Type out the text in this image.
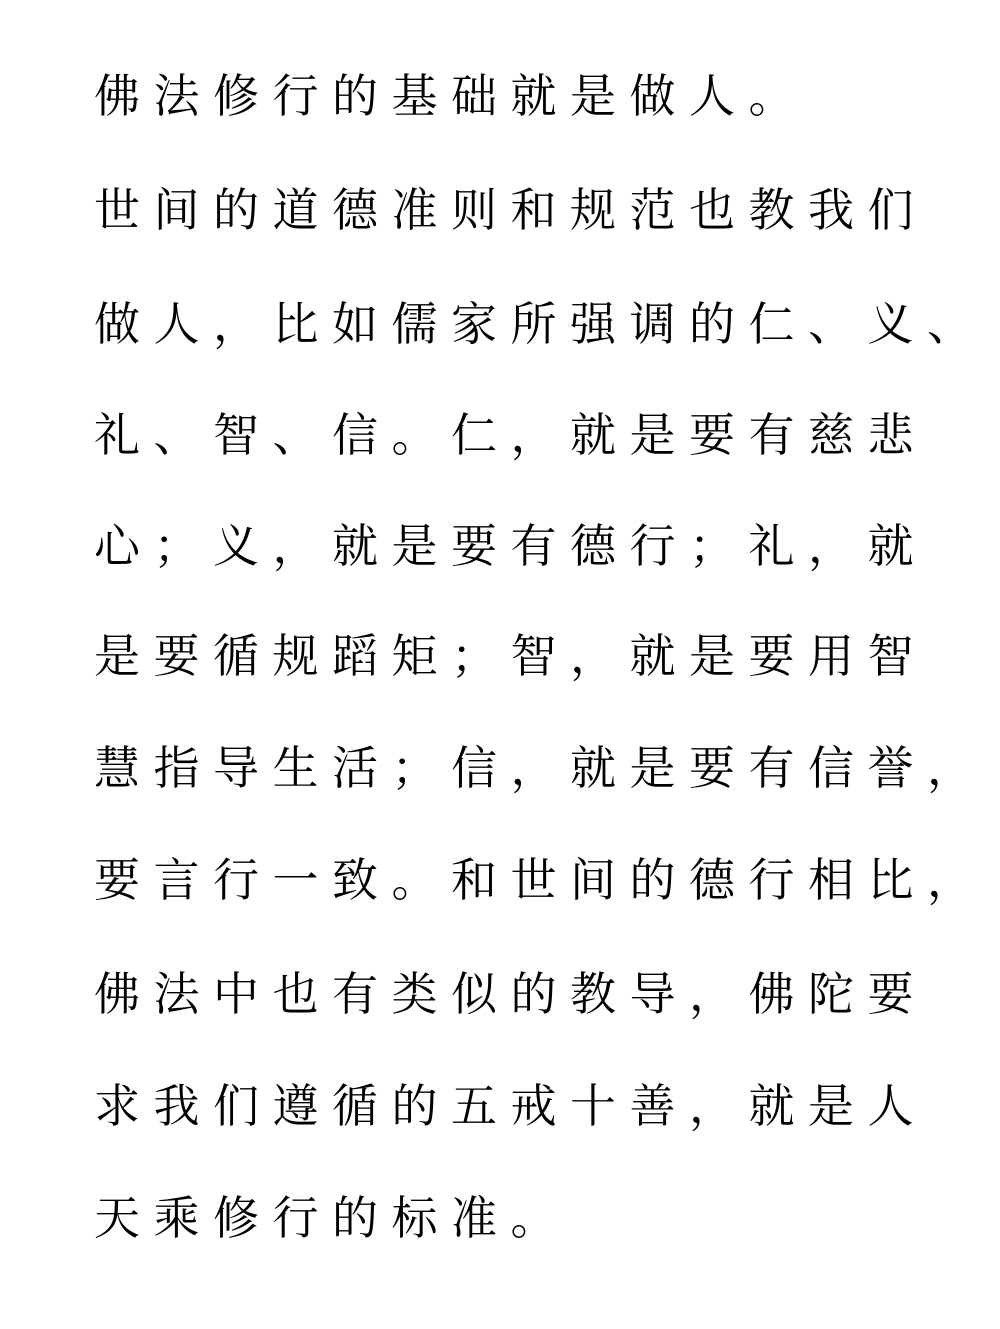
佛法修行的基础就是做人。

世间的道德准则和规范也教我们

做人，比如儒家所强调的仁、义、

礼、智、信。仁，就是要有慈悲

心；义，就是要有德行；礼，就

是要循规蹈矩；智，就是要用智

慧指导生活；信，就是要有信誉，

要言行一致。和世间的德行相比，

佛法中也有类似的教导，佛陀要

求我们遵循的五戒十善，就是人

天乘修行的标准。
